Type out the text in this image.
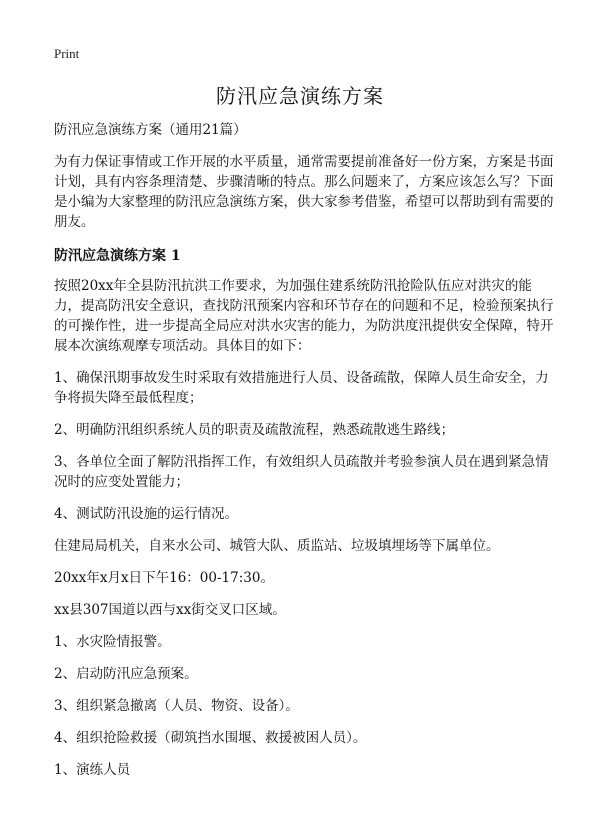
Print
防汛应急演练方案

防汛应急演练方案（通用21篇）

为有力保证事情或工作开展的水平质量，通常需要提前准备好一份方案，方案是书面计划，具有内容条理清楚、步骤清晰的特点。那么问题来了，方案应该怎么写？下面是小编为大家整理的防汛应急演练方案，供大家参考借鉴，希望可以帮助到有需要的朋友。

防汛应急演练方案 1

按照20xx年全县防汛抗洪工作要求，为加强住建系统防汛抢险队伍应对洪灾的能力，提高防汛安全意识，查找防汛预案内容和环节存在的问题和不足，检验预案执行的可操作性，进一步提高全局应对洪水灾害的能力，为防洪度汛提供安全保障，特开展本次演练观摩专项活动。具体目的如下：

1、确保汛期事故发生时采取有效措施进行人员、设备疏散，保障人员生命安全，力争将损失降至最低程度；

2、明确防汛组织系统人员的职责及疏散流程，熟悉疏散逃生路线；

3、各单位全面了解防汛指挥工作，有效组织人员疏散并考验参演人员在遇到紧急情况时的应变处置能力；

4、测试防汛设施的运行情况。

住建局局机关，自来水公司、城管大队、质监站、垃圾填埋场等下属单位。

20xx年x月x日下午16：00-17:30。

xx县307国道以西与xx街交叉口区域。

1、水灾险情报警。

2、启动防汛应急预案。

3、组织紧急撤离（人员、物资、设备）。

4、组织抢险救援（砌筑挡水围堰、救援被困人员）。

1、演练人员
